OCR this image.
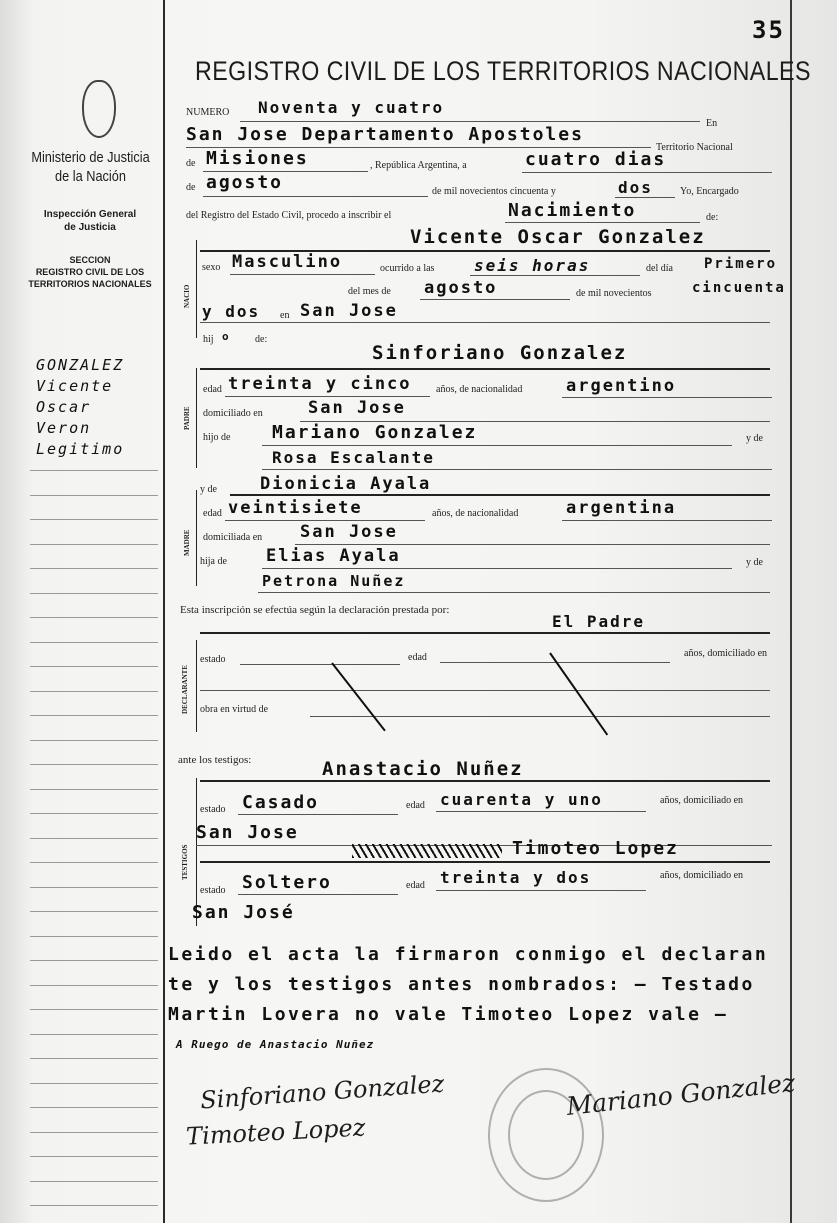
35
REGISTRO CIVIL DE LOS TERRITORIOS NACIONALES
Ministerio de Justicia
de la Nación
Inspección General
de Justicia
SECCION
REGISTRO CIVIL DE LOS
TERRITORIOS NACIONALES
GONZALEZ
Vicente
Oscar
Veron
Legitimo
NUMERO Noventa y cuatro
En
San Jose Departamento Apostoles
Territorio Nacional
de Misiones	, República Argentina, a	cuatro dias
de agosto	de mil novecientos cincuenta y	dos	Yo, Encargado
del Registro del Estado Civil, procedo a inscribir el	Nacimiento	de:
NACIO
Vicente Oscar Gonzalez
sexo Masculino	ocurrido a las seis horas	del día Primero
del mes de agosto	de mil novecientos	cincuenta
y dos en San Jose
hij o de:
PADRE
Sinforiano Gonzalez
edad treinta y cinco años, de nacionalidad	argentino
domiciliado en	San Jose
hijo de Mariano Gonzalez	y de
Rosa Escalante
MADRE
y de	Dionicia Ayala
edad veintisiete	años, de nacionalidad	argentina
domiciliada en San Jose
hija de Elias Ayala	y de
Petrona Nuñez
Esta inscripción se efectúa según la declaración prestada por:
El Padre
DECLARANTE
estado	edad	años, domiciliado en
obra en virtud de
ante los testigos:
TESTIGOS
Anastacio Nuñez
estado Casado	edad cuarenta y uno	años, domiciliado en
San Jose
Timoteo Lopez
estado Soltero	edad treinta y dos	años, domiciliado en
San José
Leido el acta la firmaron conmigo el declaran
te y los testigos antes nombrados: — Testado
Martin Lovera no vale Timoteo Lopez vale —
A Ruego de Anastacio Nuñez
Sinforiano Gonzalez
Timoteo Lopez
Mariano Gonzalez
